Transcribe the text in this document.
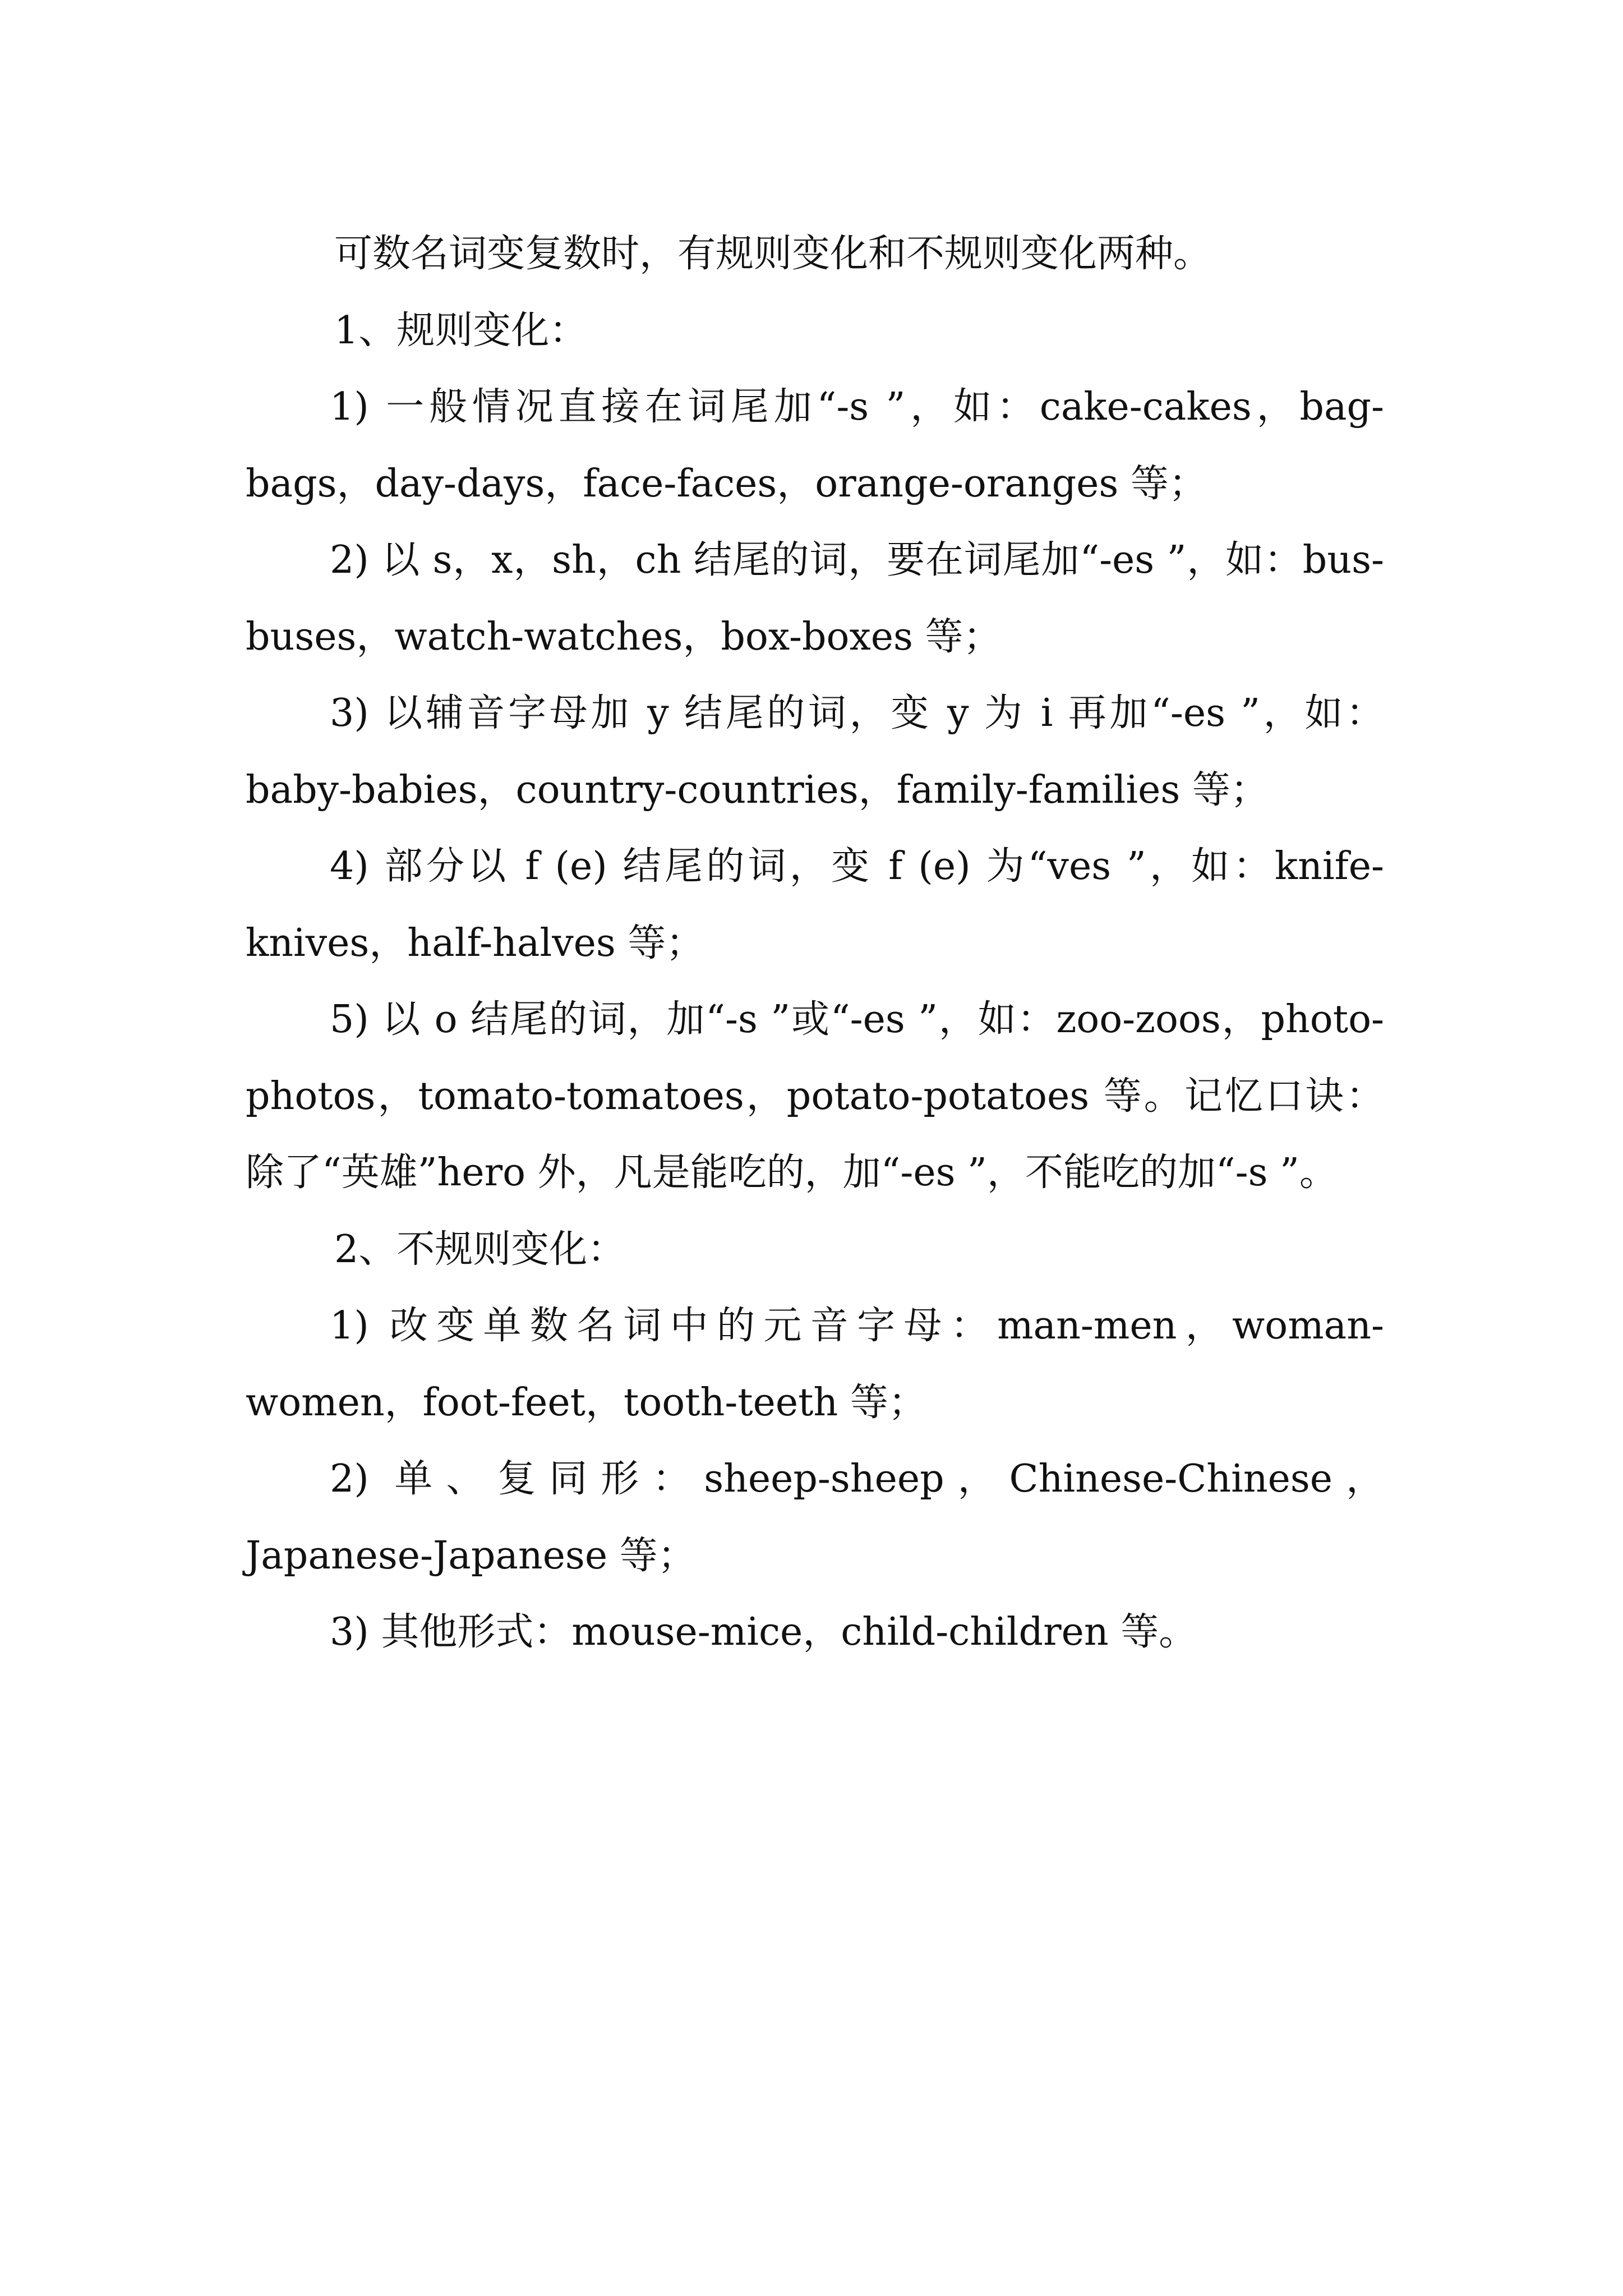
可数名词变复数时，有规则变化和不规则变化两种。

1、规则变化：

1) 一般情况直接在词尾加“-s ”，如：cake-cakes，bag-bags，day-days，face-faces，orange-oranges 等；

2) 以 s，x，sh，ch 结尾的词，要在词尾加“-es ”，如：bus-buses，watch-watches，box-boxes 等；

3) 以辅音字母加 y 结尾的词，变 y 为 i 再加“-es ”，如：baby-babies，country-countries，family-families 等；

4) 部分以 f (e) 结尾的词，变 f (e) 为“ves ”，如：knife-knives，half-halves 等；

5) 以 o 结尾的词，加“-s ”或“-es ”，如：zoo-zoos，photo-photos，tomato-tomatoes，potato-potatoes 等。记忆口诀：除了“英雄”hero 外，凡是能吃的，加“-es ”，不能吃的加“-s ”。

2、不规则变化：

1) 改变单数名词中的元音字母：man-men，woman-women，foot-feet，tooth-teeth 等；

2) 单、复同形：sheep-sheep，Chinese-Chinese，Japanese-Japanese 等；

3) 其他形式：mouse-mice，child-children 等。
